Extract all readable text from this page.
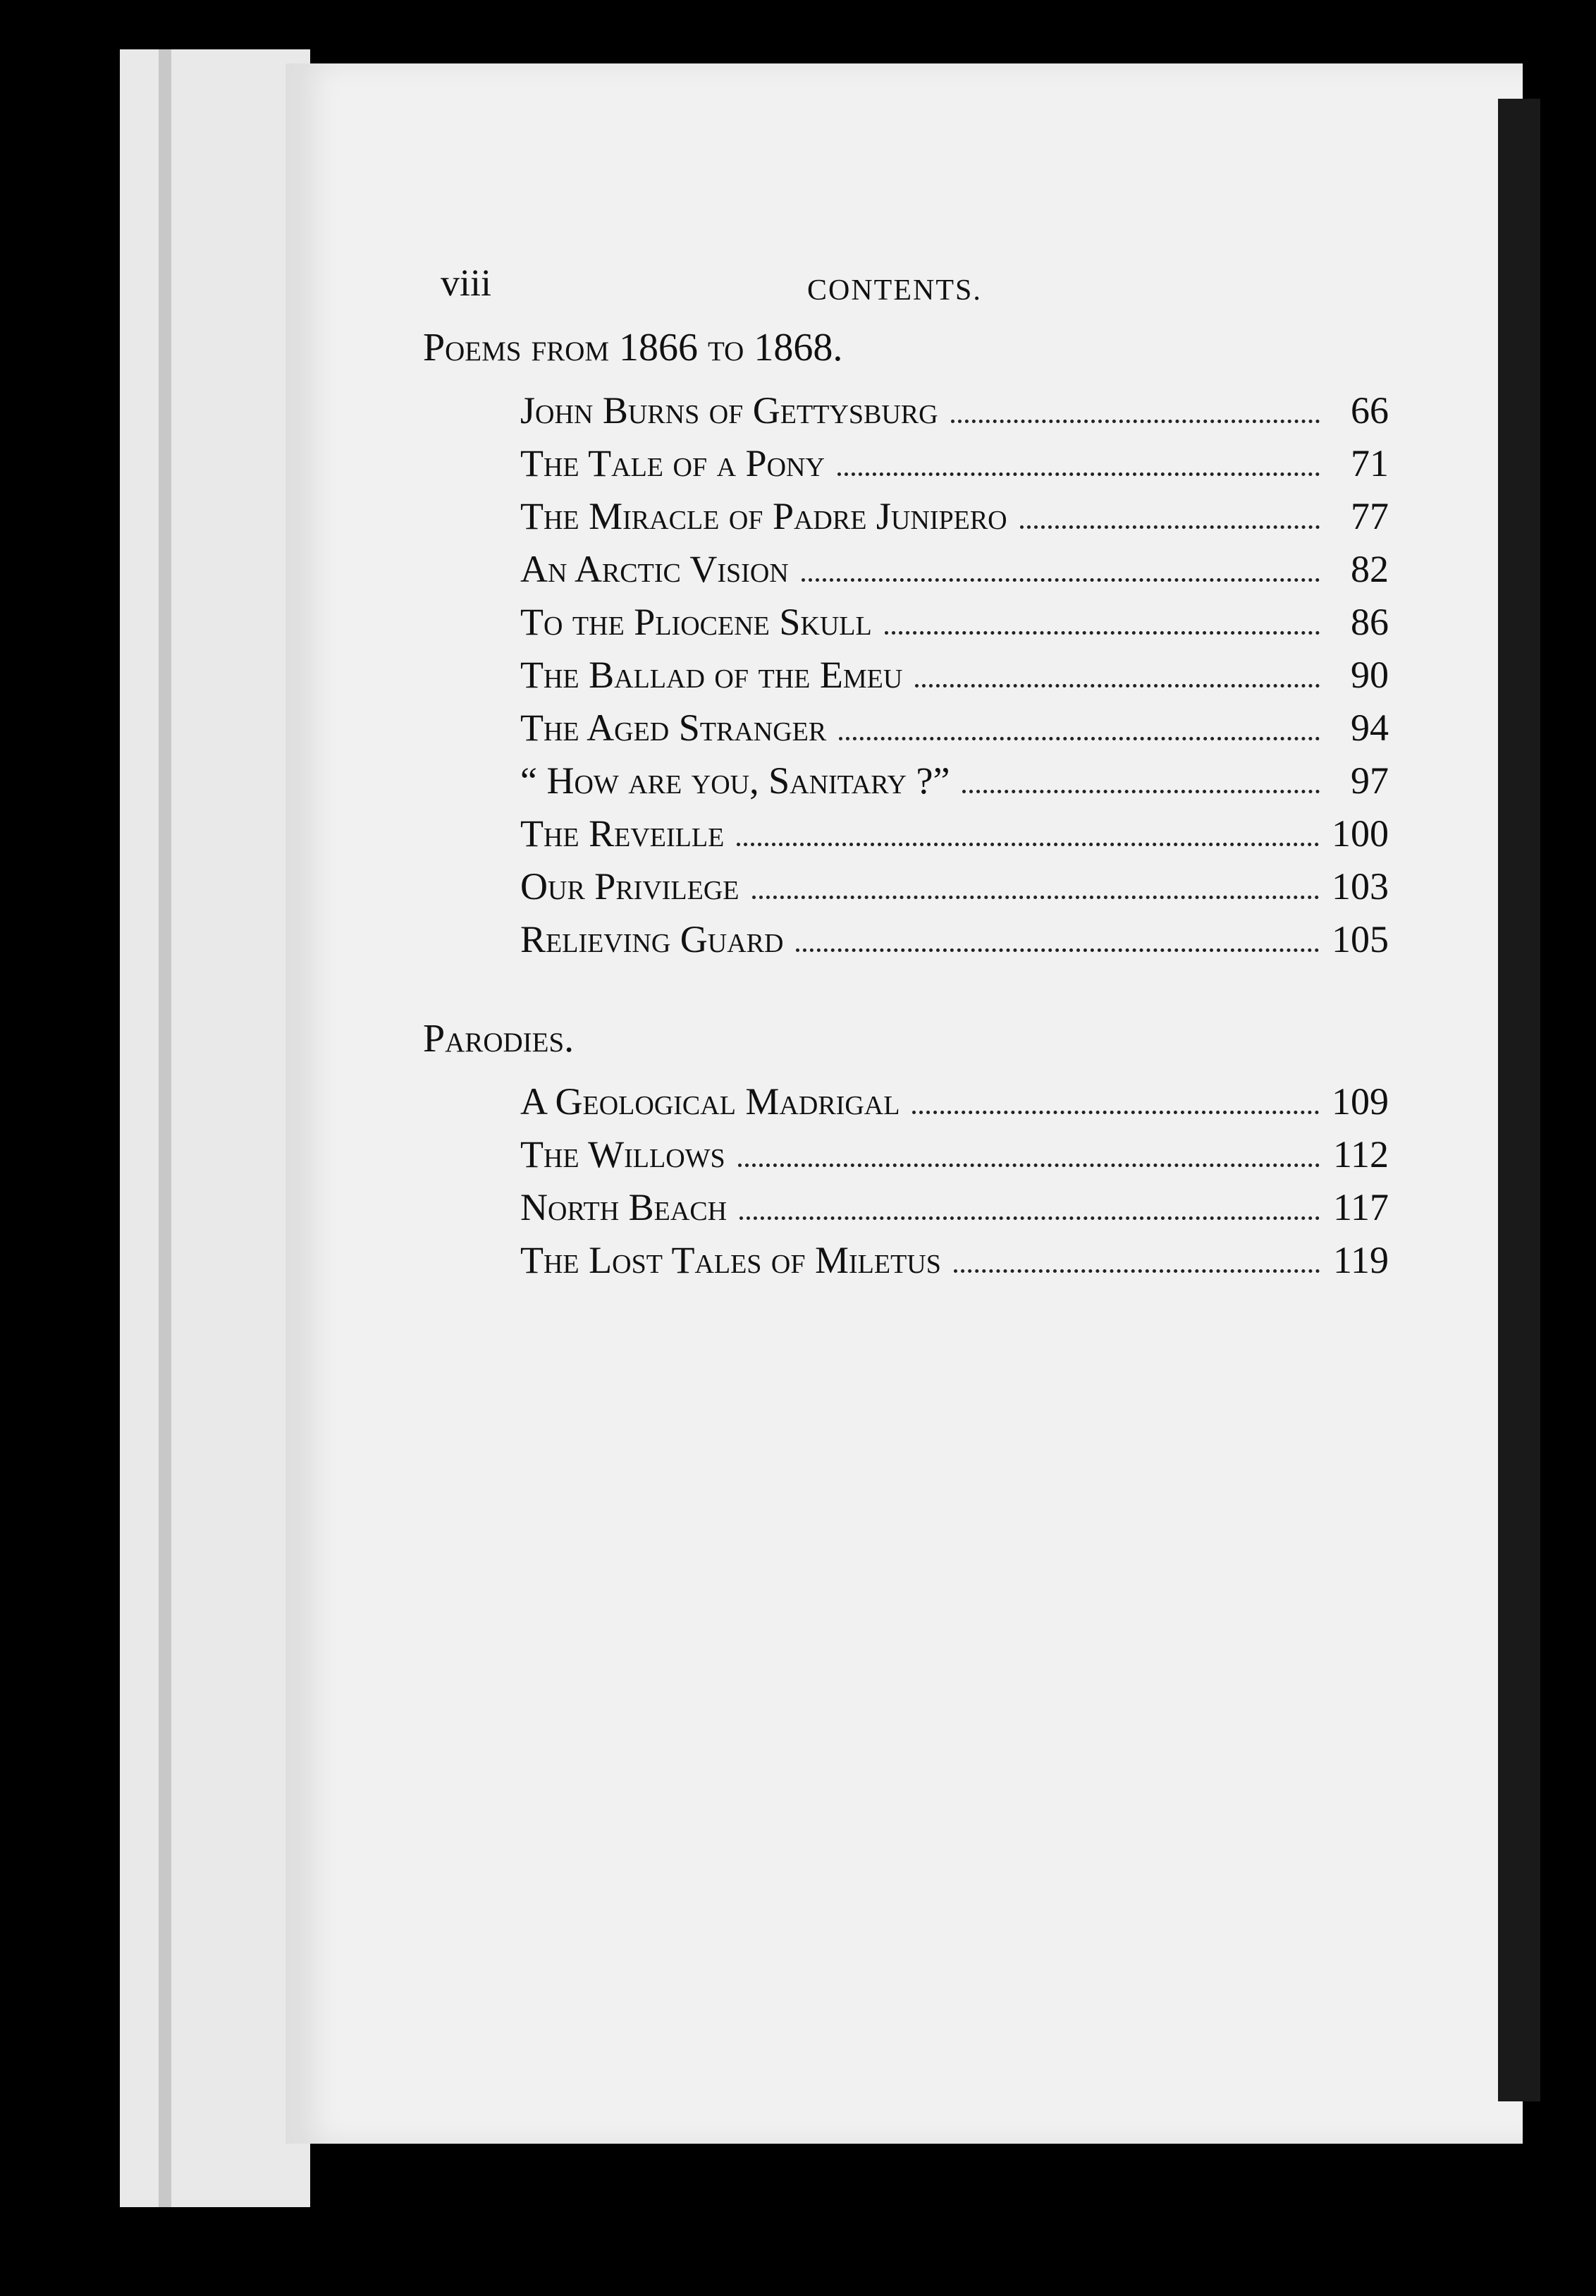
viii	CONTENTS.
Poems from 1866 to 1868.
John Burns of Gettysburg	66
The Tale of a Pony	71
The Miracle of Padre Junipero	77
An Arctic Vision	82
To the Pliocene Skull	86
The Ballad of the Emeu	90
The Aged Stranger	94
“ How are you, Sanitary ?”	97
The Reveille	100
Our Privilege	103
Relieving Guard	105
Parodies.
A Geological Madrigal	109
The Willows	112
North Beach	117
The Lost Tales of Miletus	119
